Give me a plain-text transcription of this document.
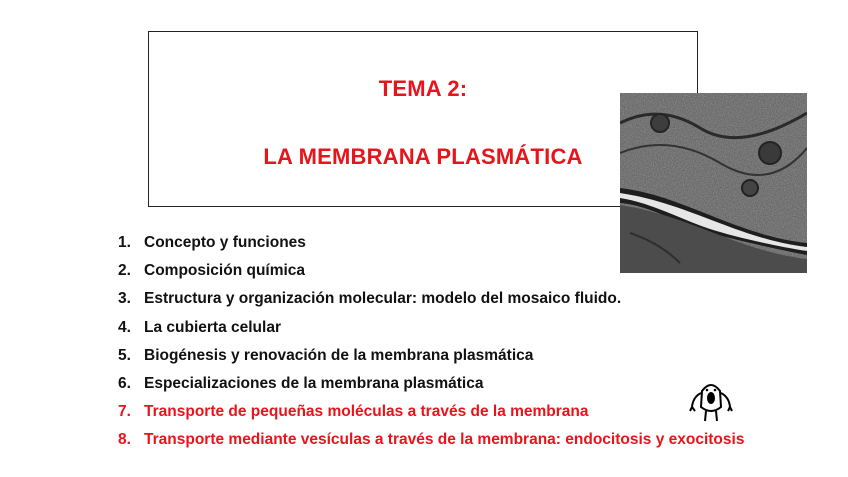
TEMA 2:
LA MEMBRANA PLASMÁTICA
1. Concepto y funciones
2. Composición química
3. Estructura y organización molecular: modelo del mosaico fluido.
4. La cubierta celular
5. Biogénesis y renovación de la membrana plasmática
6. Especializaciones de la membrana plasmática
7. Transporte de pequeñas moléculas a través de la membrana
8. Transporte mediante vesículas a través de la membrana: endocitosis y exocitosis
